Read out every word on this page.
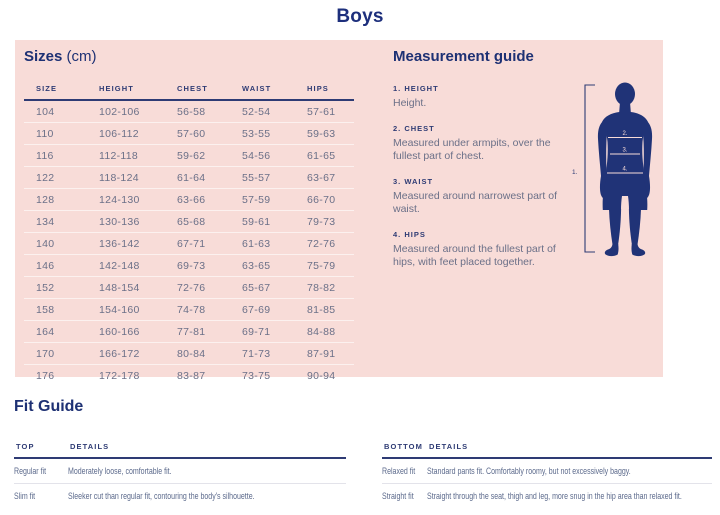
Boys
Sizes (cm)
SIZE	HEIGHT	CHEST	WAIST	HIPS
104	102-106	56-58	52-54	57-61
110	106-112	57-60	53-55	59-63
116	112-118	59-62	54-56	61-65
122	118-124	61-64	55-57	63-67
128	124-130	63-66	57-59	66-70
134	130-136	65-68	59-61	79-73
140	136-142	67-71	61-63	72-76
146	142-148	69-73	63-65	75-79
152	148-154	72-76	65-67	78-82
158	154-160	74-78	67-69	81-85
164	160-166	77-81	69-71	84-88
170	166-172	80-84	71-73	87-91
176	172-178	83-87	73-75	90-94
Measurement guide
1. HEIGHT
Height.
2. CHEST
Measured under armpits, over the fullest part of chest.
3. WAIST
Measured around narrowest part of waist.
4. HIPS
Measured around the fullest part of hips, with feet placed together.
1.
2.
3.
4.
Fit Guide
TOP	DETAILS
Regular fit	Moderately loose, comfortable fit.
Slim fit	Sleeker cut than regular fit, contouring the body's silhouette.
BOTTOM DETAILS
Relaxed fit	Standard pants fit. Comfortably roomy, but not excessively baggy.
Straight fit	Straight through the seat, thigh and leg, more snug in the hip area than relaxed fit.
